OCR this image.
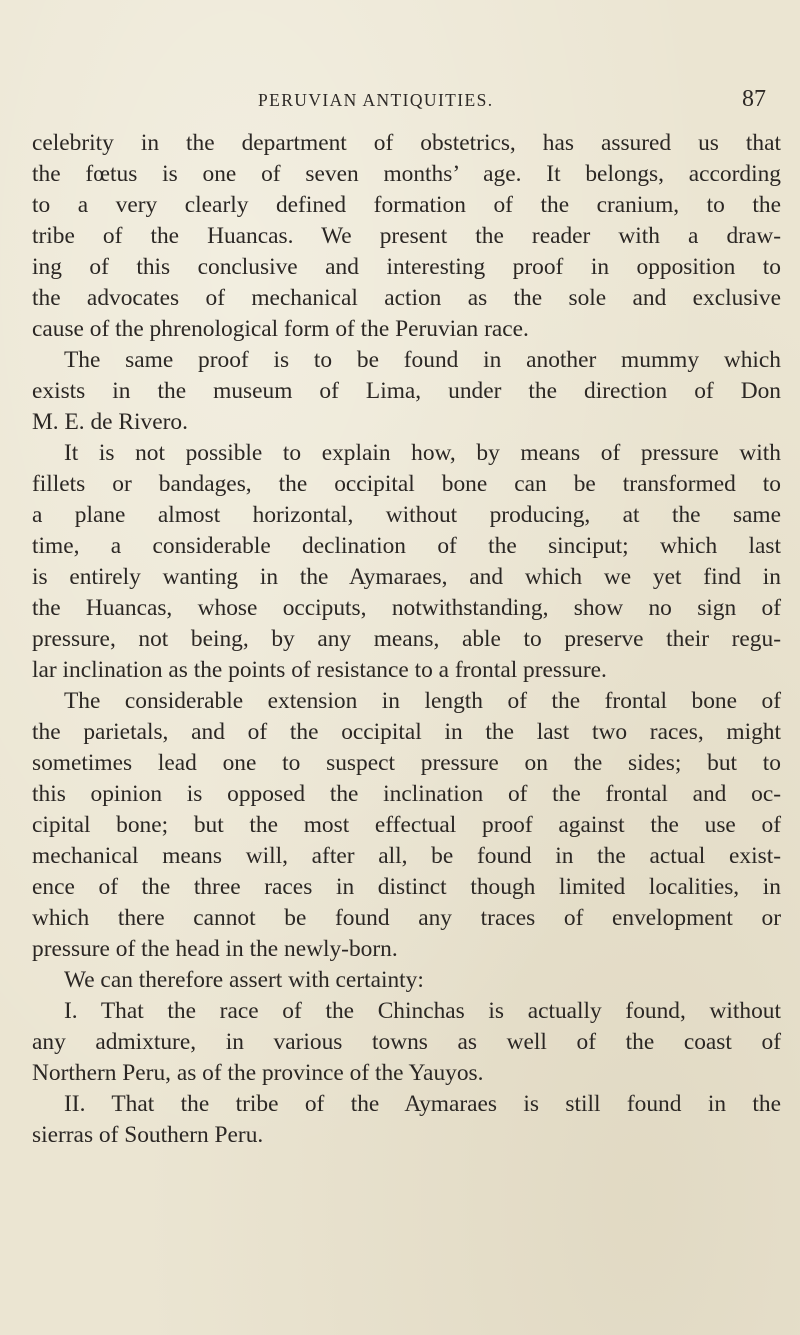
PERUVIAN ANTIQUITIES.	87
celebrity in the department of obstetrics, has assured us that
the fœtus is one of seven months’ age. It belongs, according
to a very clearly defined formation of the cranium, to the
tribe of the Huancas. We present the reader with a draw-
ing of this conclusive and interesting proof in opposition to
the advocates of mechanical action as the sole and exclusive
cause of the phrenological form of the Peruvian race.
The same proof is to be found in another mummy which
exists in the museum of Lima, under the direction of Don
M. E. de Rivero.
It is not possible to explain how, by means of pressure with
fillets or bandages, the occipital bone can be transformed to
a plane almost horizontal, without producing, at the same
time, a considerable declination of the sinciput; which last
is entirely wanting in the Aymaraes, and which we yet find in
the Huancas, whose occiputs, notwithstanding, show no sign of
pressure, not being, by any means, able to preserve their regu-
lar inclination as the points of resistance to a frontal pressure.
The considerable extension in length of the frontal bone of
the parietals, and of the occipital in the last two races, might
sometimes lead one to suspect pressure on the sides; but to
this opinion is opposed the inclination of the frontal and oc-
cipital bone; but the most effectual proof against the use of
mechanical means will, after all, be found in the actual exist-
ence of the three races in distinct though limited localities, in
which there cannot be found any traces of envelopment or
pressure of the head in the newly-born.
We can therefore assert with certainty:
I. That the race of the Chinchas is actually found, without
any admixture, in various towns as well of the coast of
Northern Peru, as of the province of the Yauyos.
II. That the tribe of the Aymaraes is still found in the
sierras of Southern Peru.
